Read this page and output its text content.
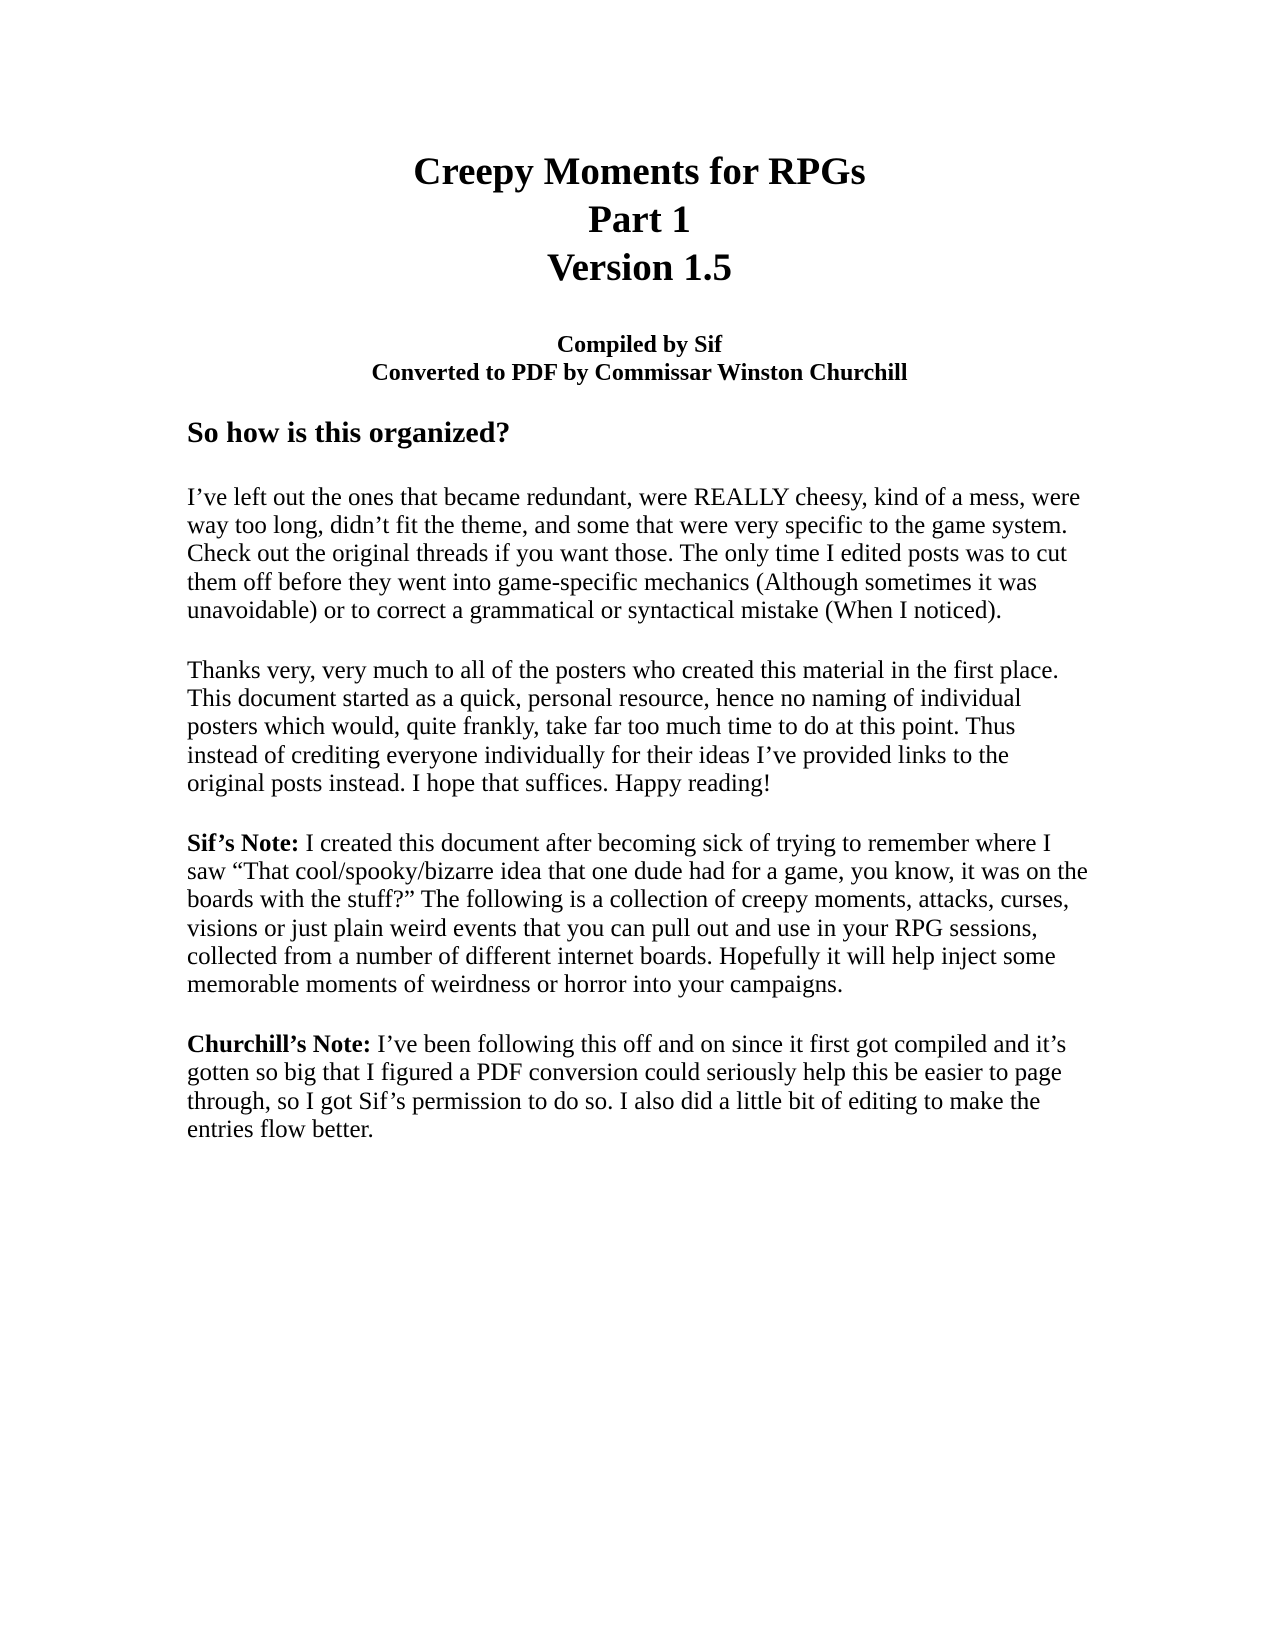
Creepy Moments for RPGs
Part 1
Version 1.5
Compiled by Sif
Converted to PDF by Commissar Winston Churchill
So how is this organized?

I’ve left out the ones that became redundant, were REALLY cheesy, kind of a mess, were way too long, didn’t fit the theme, and some that were very specific to the game system. Check out the original threads if you want those. The only time I edited posts was to cut them off before they went into game-specific mechanics (Although sometimes it was unavoidable) or to correct a grammatical or syntactical mistake (When I noticed).

Thanks very, very much to all of the posters who created this material in the first place. This document started as a quick, personal resource, hence no naming of individual posters which would, quite frankly, take far too much time to do at this point. Thus instead of crediting everyone individually for their ideas I’ve provided links to the original posts instead. I hope that suffices. Happy reading!

Sif’s Note: I created this document after becoming sick of trying to remember where I saw “That cool/spooky/bizarre idea that one dude had for a game, you know, it was on the boards with the stuff?” The following is a collection of creepy moments, attacks, curses, visions or just plain weird events that you can pull out and use in your RPG sessions, collected from a number of different internet boards. Hopefully it will help inject some memorable moments of weirdness or horror into your campaigns.

Churchill’s Note: I’ve been following this off and on since it first got compiled and it’s gotten so big that I figured a PDF conversion could seriously help this be easier to page through, so I got Sif’s permission to do so. I also did a little bit of editing to make the entries flow better.
